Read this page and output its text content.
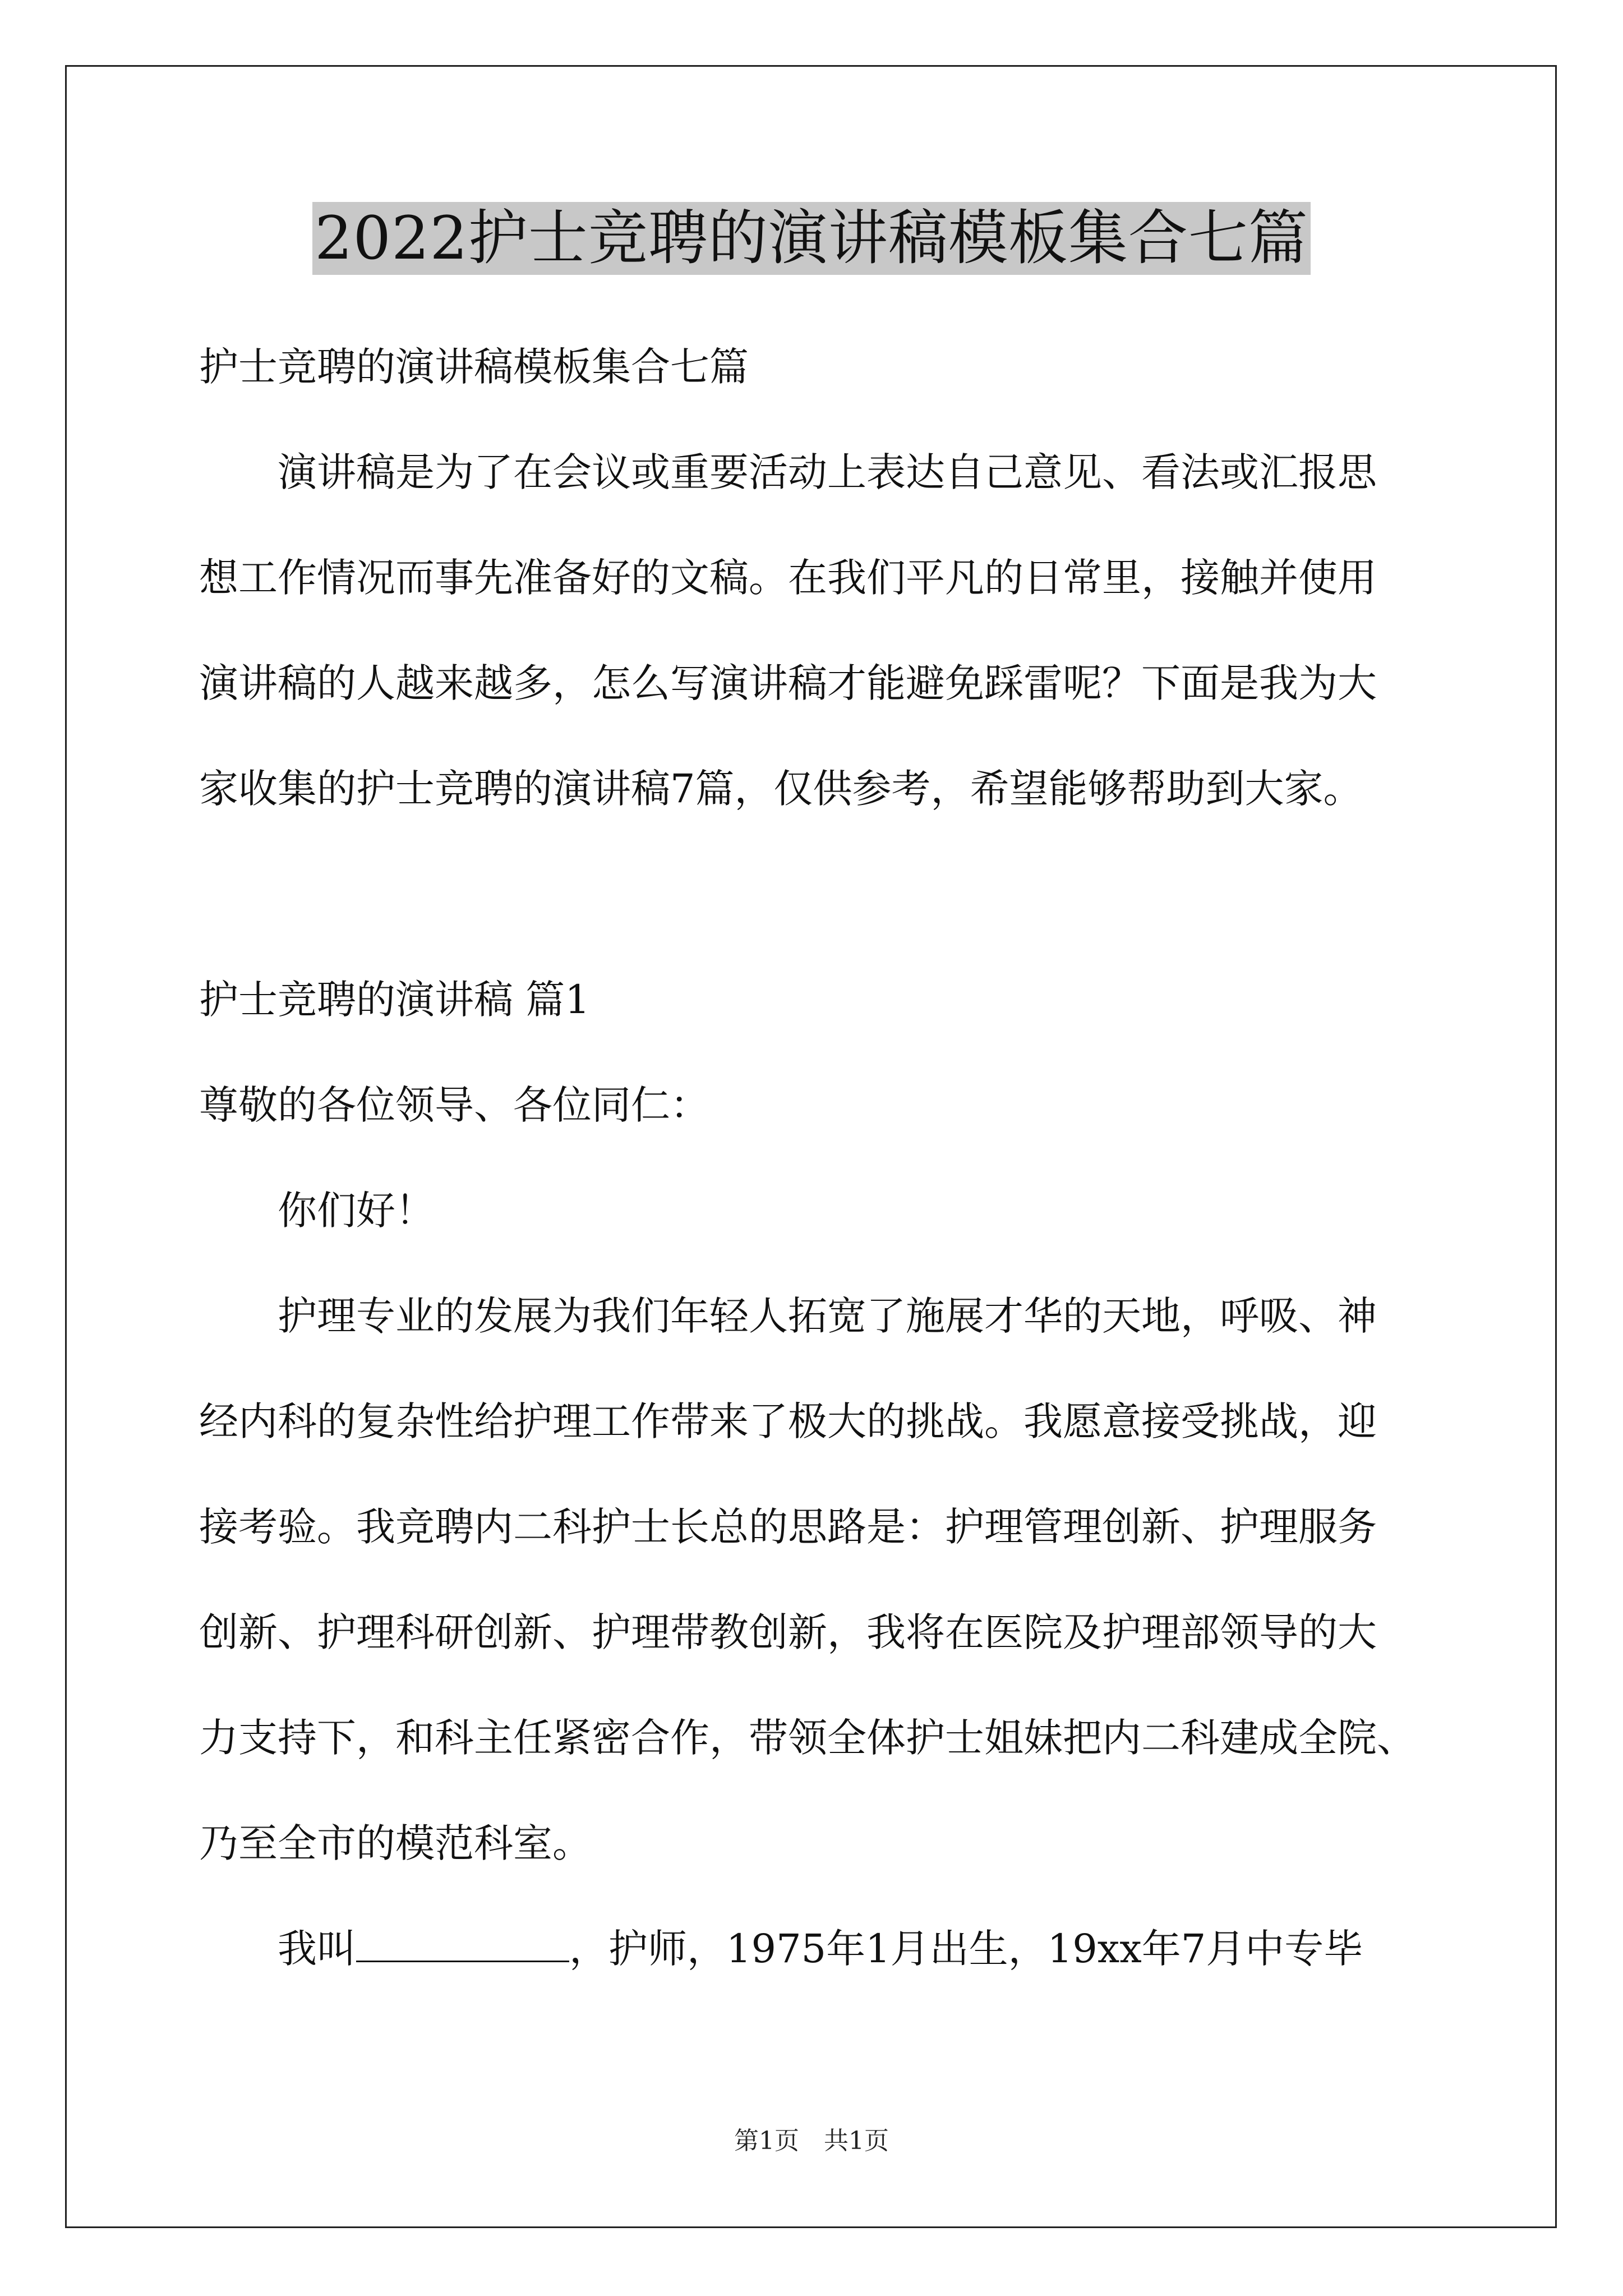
2022护士竞聘的演讲稿模板集合七篇
护士竞聘的演讲稿模板集合七篇
演讲稿是为了在会议或重要活动上表达自己意见、看法或汇报思
想工作情况而事先准备好的文稿。在我们平凡的日常里，接触并使用
演讲稿的人越来越多，怎么写演讲稿才能避免踩雷呢？下面是我为大
家收集的护士竞聘的演讲稿7篇，仅供参考，希望能够帮助到大家。
护士竞聘的演讲稿 篇1
尊敬的各位领导、各位同仁：
你们好！
护理专业的发展为我们年轻人拓宽了施展才华的天地，呼吸、神
经内科的复杂性给护理工作带来了极大的挑战。我愿意接受挑战，迎
接考验。我竞聘内二科护士长总的思路是：护理管理创新、护理服务
创新、护理科研创新、护理带教创新，我将在医院及护理部领导的大
力支持下，和科主任紧密合作，带领全体护士姐妹把内二科建成全院、
乃至全市的模范科室。
我叫	，护师，1975年1月出生，19xx年7月中专毕
第1页　共1页
